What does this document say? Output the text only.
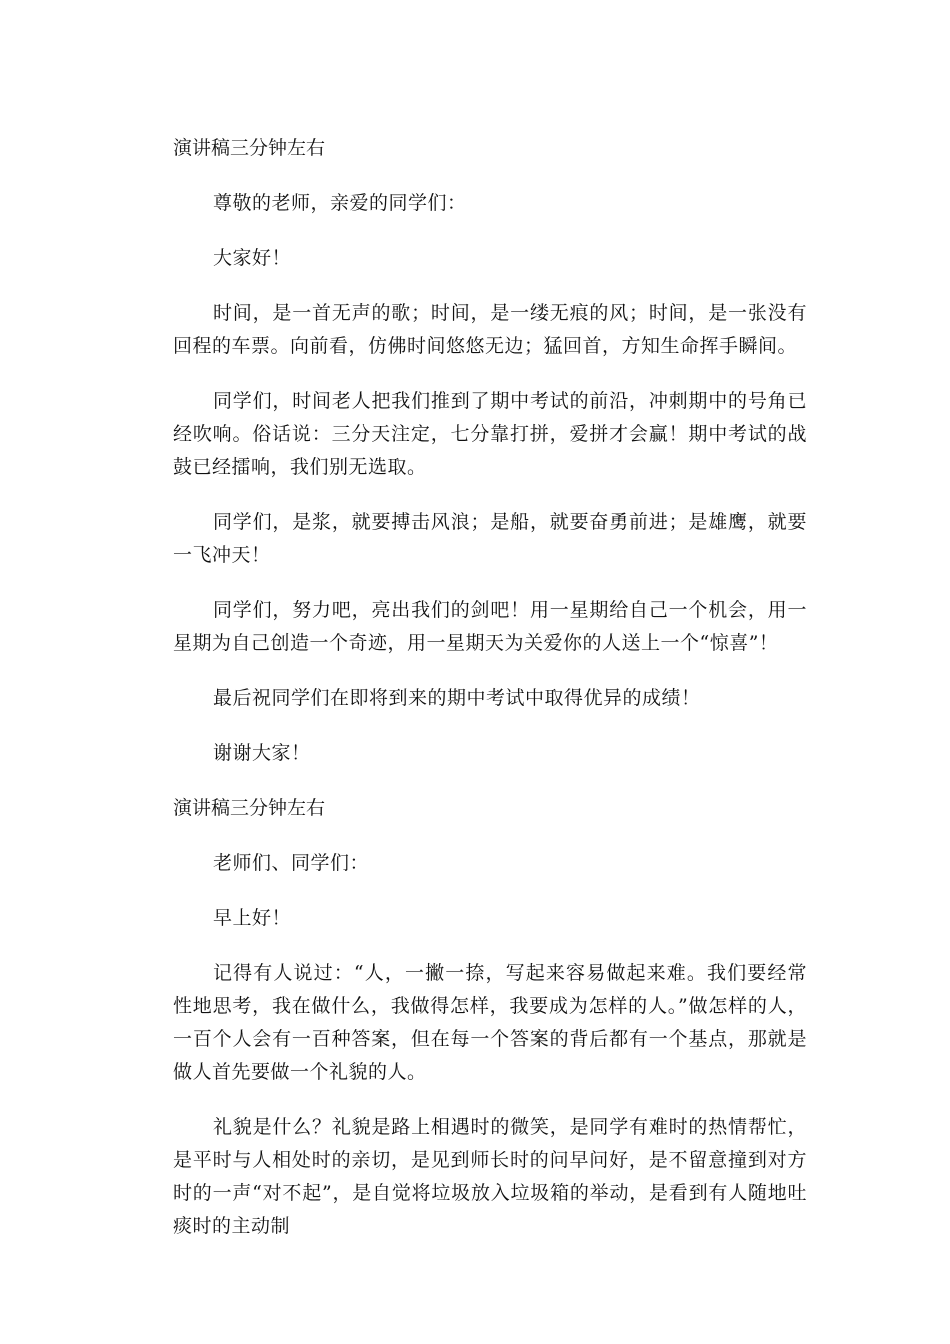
演讲稿三分钟左右

尊敬的老师，亲爱的同学们：

大家好！

时间，是一首无声的歌；时间，是一缕无痕的风；时间，是一张没有回程的车票。向前看，仿佛时间悠悠无边；猛回首，方知生命挥手瞬间。

同学们，时间老人把我们推到了期中考试的前沿，冲刺期中的号角已经吹响。俗话说：三分天注定，七分靠打拼，爱拼才会赢！期中考试的战鼓已经擂响，我们别无选取。

同学们，是浆，就要搏击风浪；是船，就要奋勇前进；是雄鹰，就要一飞冲天！

同学们，努力吧，亮出我们的剑吧！用一星期给自己一个机会，用一星期为自己创造一个奇迹，用一星期天为关爱你的人送上一个“惊喜”！

最后祝同学们在即将到来的期中考试中取得优异的成绩！

谢谢大家！

演讲稿三分钟左右

老师们、同学们：

早上好！

记得有人说过：“人，一撇一捺，写起来容易做起来难。我们要经常性地思考，我在做什么，我做得怎样，我要成为怎样的人。”做怎样的人，一百个人会有一百种答案，但在每一个答案的背后都有一个基点，那就是做人首先要做一个礼貌的人。

礼貌是什么？礼貌是路上相遇时的微笑，是同学有难时的热情帮忙，是平时与人相处时的亲切，是见到师长时的问早问好，是不留意撞到对方时的一声“对不起”，是自觉将垃圾放入垃圾箱的举动，是看到有人随地吐痰时的主动制
